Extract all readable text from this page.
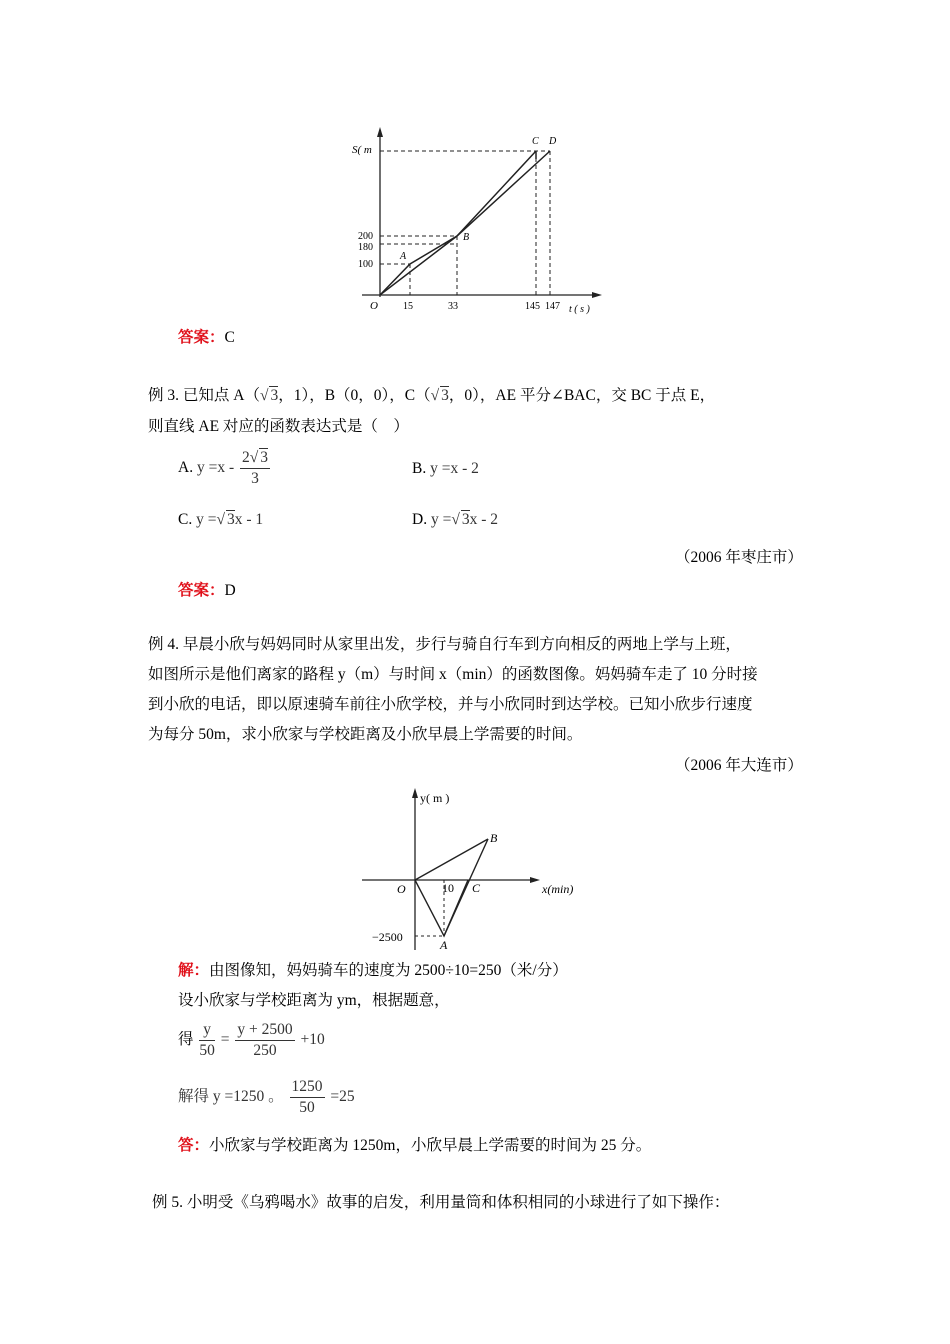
S( m
t ( s )
O
200
180
100
15	33	145 147
A
B
C D
答案：C
例 3. 已知点 A（√ 3，1），B（0，0），C（√ 3，0），AE 平分∠BAC，交 BC 于点 E，
则直线 AE 对应的函数表达式是（　）
A. $y =x - \frac{2√ 3}{3}$	B. y =x - 2
C. y =√ 3x - 1	D. y =√ 3x - 2
（2006 年枣庄市）
答案：D
例 4. 早晨小欣与妈妈同时从家里出发，步行与骑自行车到方向相反的两地上学与上班，
如图所示是他们离家的路程 y（m）与时间 x（min）的函数图像。妈妈骑车走了 10 分时接
到小欣的电话，即以原速骑车前往小欣学校，并与小欣同时到达学校。已知小欣步行速度
为每分 50m，求小欣家与学校距离及小欣早晨上学需要的时间。
（2006 年大连市）
y( m )
x(min)
O	10
−2500
A
B
C
解：由图像知，妈妈骑车的速度为 2500÷10=250（米/分）
设小欣家与学校距离为 ym，根据题意，
得 $\frac{y}{50} = \frac{y + 2500}{250} +10$
解得 y =1250 。 $\frac{1250}{50} =25$
答：小欣家与学校距离为 1250m，小欣早晨上学需要的时间为 25 分。
例 5. 小明受《乌鸦喝水》故事的启发，利用量筒和体积相同的小球进行了如下操作：
